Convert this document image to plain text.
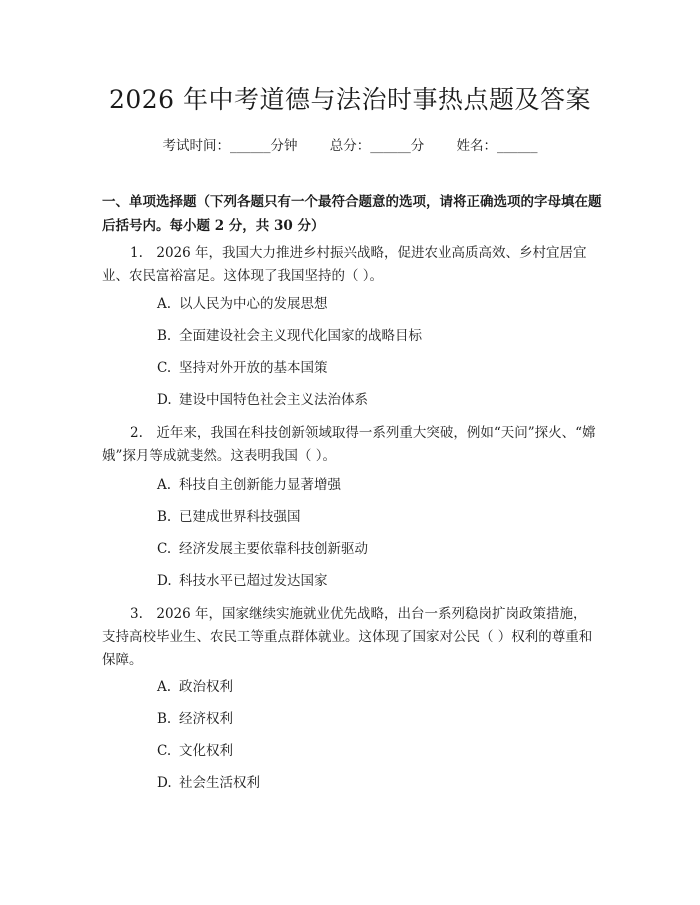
2026 年中考道德与法治时事热点题及答案
考试时间：______分钟 总分：______分 姓名：______

一、单项选择题（下列各题只有一个最符合题意的选项，请将正确选项的字母填在题后括号内。每小题 2 分，共 30 分）

1.　2026 年，我国大力推进乡村振兴战略，促进农业高质高效、乡村宜居宜业、农民富裕富足。这体现了我国坚持的（ ）。

A. 以人民为中心的发展思想

B. 全面建设社会主义现代化国家的战略目标

C. 坚持对外开放的基本国策

D. 建设中国特色社会主义法治体系

2.　近年来，我国在科技创新领域取得一系列重大突破，例如“天问”探火、“嫦娥”探月等成就斐然。这表明我国（ ）。

A. 科技自主创新能力显著增强

B. 已建成世界科技强国

C. 经济发展主要依靠科技创新驱动

D. 科技水平已超过发达国家

3.　2026 年，国家继续实施就业优先战略，出台一系列稳岗扩岗政策措施，支持高校毕业生、农民工等重点群体就业。这体现了国家对公民（ ）权利的尊重和保障。

A. 政治权利

B. 经济权利

C. 文化权利

D. 社会生活权利
